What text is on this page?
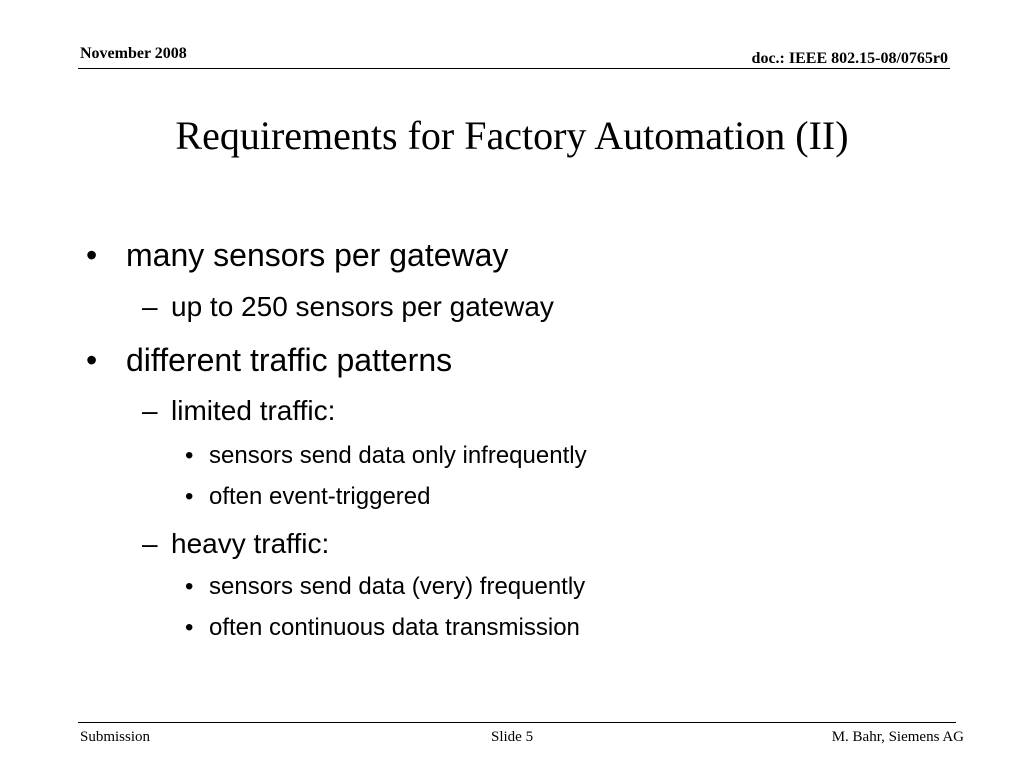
November 2008	doc.: IEEE 802.15-08/0765r0
Requirements for Factory Automation (II)
• many sensors per gateway
– up to 250 sensors per gateway
• different traffic patterns
– limited traffic:
• sensors send data only infrequently
• often event-triggered
– heavy traffic:
• sensors send data (very) frequently
• often continuous data transmission
Submission	Slide 5	M. Bahr, Siemens AG
